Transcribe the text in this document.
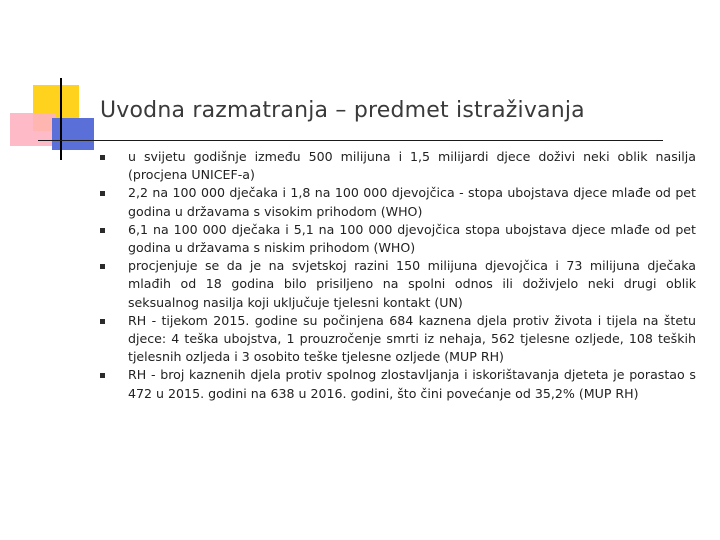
Uvodna razmatranja – predmet istraživanja
u svijetu godišnje između 500 milijuna i 1,5 milijardi djece doživi neki oblik nasilja (procjena UNICEF-a)
2,2 na 100 000 dječaka i 1,8 na 100 000 djevojčica - stopa ubojstava djece mlađe od pet godina u državama s visokim prihodom (WHO)
6,1 na 100 000 dječaka i 5,1 na 100 000 djevojčica stopa ubojstava djece mlađe od pet godina u državama s niskim prihodom (WHO)
procjenjuje se da je na svjetskoj razini 150 milijuna djevojčica i 73 milijuna dječaka mlađih od 18 godina bilo prisiljeno na spolni odnos ili doživjelo neki drugi oblik seksualnog nasilja koji uključuje tjelesni kontakt (UN)
RH - tijekom 2015. godine su počinjena 684 kaznena djela protiv života i tijela na štetu djece: 4 teška ubojstva, 1 prouzročenje smrti iz nehaja, 562 tjelesne ozljede, 108 teških tjelesnih ozljeda i 3 osobito teške tjelesne ozljede (MUP RH)
RH - broj kaznenih djela protiv spolnog zlostavljanja i iskorištavanja djeteta je porastao s 472 u 2015. godini na 638 u 2016. godini, što čini povećanje od 35,2% (MUP RH)
